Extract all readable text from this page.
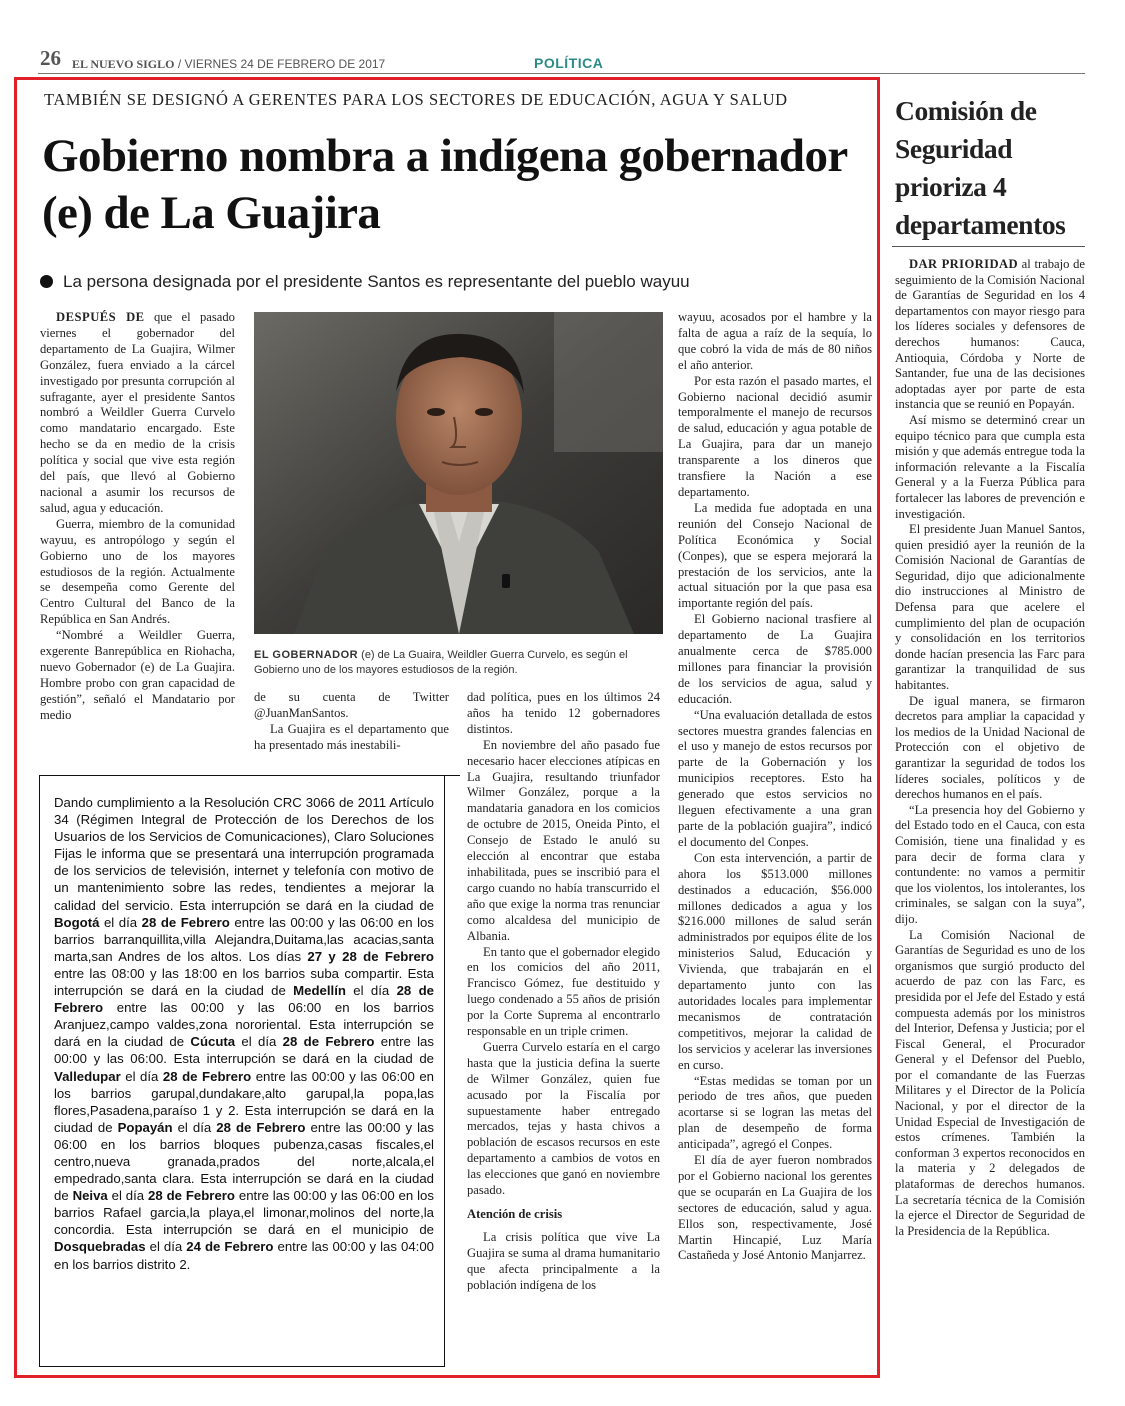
26 EL NUEVO SIGLO / VIERNES 24 DE FEBRERO DE 2017	POLÍTICA
TAMBIÉN SE DESIGNÓ A GERENTES PARA LOS SECTORES DE EDUCACIÓN, AGUA Y SALUD
Gobierno nombra a indígena gobernador (e) de La Guajira
La persona designada por el presidente Santos es representante del pueblo wayuu

DESPUÉS DE que el pasado viernes el gobernador del departamento de La Guajira, Wilmer González, fuera enviado a la cárcel investigado por presunta corrupción al sufragante, ayer el presidente Santos nombró a Weildler Guerra Curvelo como mandatario encargado. Este hecho se da en medio de la crisis política y social que vive esta región del país, que llevó al Gobierno nacional a asumir los recursos de salud, agua y educación.

Guerra, miembro de la comunidad wayuu, es antropólogo y según el Gobierno uno de los mayores estudiosos de la región. Actualmente se desempeña como Gerente del Centro Cultural del Banco de la República en San Andrés.

“Nombré a Weildler Guerra, exgerente Banrepública en Riohacha, nuevo Gobernador (e) de La Guajira. Hombre probo con gran capacidad de gestión”, señaló el Mandatario por medio

EL GOBERNADOR (e) de La Guaira, Weildler Guerra Curvelo, es según el Gobierno uno de los mayores estudiosos de la región.

de su cuenta de Twitter @JuanManSantos.

La Guajira es el departamento que ha presentado más inestabili-

dad política, pues en los últimos 24 años ha tenido 12 gobernadores distintos.

En noviembre del año pasado fue necesario hacer elecciones atípicas en La Guajira, resultando triunfador Wilmer González, porque a la mandataria ganadora en los comicios de octubre de 2015, Oneida Pinto, el Consejo de Estado le anuló su elección al encontrar que estaba inhabilitada, pues se inscribió para el cargo cuando no había transcurrido el año que exige la norma tras renunciar como alcaldesa del municipio de Albania.

En tanto que el gobernador elegido en los comicios del año 2011, Francisco Gómez, fue destituido y luego condenado a 55 años de prisión por la Corte Suprema al encontrarlo responsable en un triple crimen.

Guerra Curvelo estaría en el cargo hasta que la justicia defina la suerte de Wilmer González, quien fue acusado por la Fiscalía por supuestamente haber entregado mercados, tejas y hasta chivos a población de escasos recursos en este departamento a cambios de votos en las elecciones que ganó en noviembre pasado.

Atención de crisis

La crisis política que vive La Guajira se suma al drama humanitario que afecta principalmente a la población indígena de los

wayuu, acosados por el hambre y la falta de agua a raíz de la sequía, lo que cobró la vida de más de 80 niños el año anterior.

Por esta razón el pasado martes, el Gobierno nacional decidió asumir temporalmente el manejo de recursos de salud, educación y agua potable de La Guajira, para dar un manejo transparente a los dineros que transfiere la Nación a ese departamento.

La medida fue adoptada en una reunión del Consejo Nacional de Política Económica y Social (Conpes), que se espera mejorará la prestación de los servicios, ante la actual situación por la que pasa esa importante región del país.

El Gobierno nacional trasfiere al departamento de La Guajira anualmente cerca de $785.000 millones para financiar la provisión de los servicios de agua, salud y educación.

“Una evaluación detallada de estos sectores muestra grandes falencias en el uso y manejo de estos recursos por parte de la Gobernación y los municipios receptores. Esto ha generado que estos servicios no lleguen efectivamente a una gran parte de la población guajira”, indicó el documento del Conpes.

Con esta intervención, a partir de ahora los $513.000 millones destinados a educación, $56.000 millones dedicados a agua y los $216.000 millones de salud serán administrados por equipos élite de los ministerios Salud, Educación y Vivienda, que trabajarán en el departamento junto con las autoridades locales para implementar mecanismos de contratación competitivos, mejorar la calidad de los servicios y acelerar las inversiones en curso.

“Estas medidas se toman por un periodo de tres años, que pueden acortarse si se logran las metas del plan de desempeño de forma anticipada”, agregó el Conpes.

El día de ayer fueron nombrados por el Gobierno nacional los gerentes que se ocuparán en La Guajira de los sectores de educación, salud y agua. Ellos son, respectivamente, José Martin Hincapié, Luz María Castañeda y José Antonio Manjarrez.

Dando cumplimiento a la Resolución CRC 3066 de 2011 Artículo 34 (Régimen Integral de Protección de los Derechos de los Usuarios de los Servicios de Comunicaciones), Claro Soluciones Fijas le informa que se presentará una interrupción programada de los servicios de televisión, internet y telefonía con motivo de un mantenimiento sobre las redes, tendientes a mejorar la calidad del servicio. Esta interrupción se dará en la ciudad de Bogotá el día 28 de Febrero entre las 00:00 y las 06:00 en los barrios barranquillita,villa Alejandra,Duitama,las acacias,santa marta,san Andres de los altos. Los días 27 y 28 de Febrero entre las 08:00 y las 18:00 en los barrios suba compartir. Esta interrupción se dará en la ciudad de Medellín el día 28 de Febrero entre las 00:00 y las 06:00 en los barrios Aranjuez,campo valdes,zona nororiental. Esta interrupción se dará en la ciudad de Cúcuta el día 28 de Febrero entre las 00:00 y las 06:00. Esta interrupción se dará en la ciudad de Valledupar el día 28 de Febrero entre las 00:00 y las 06:00 en los barrios garupal,dundakare,alto garupal,la popa,las flores,Pasadena,paraíso 1 y 2. Esta interrupción se dará en la ciudad de Popayán el día 28 de Febrero entre las 00:00 y las 06:00 en los barrios bloques pubenza,casas fiscales,el centro,nueva granada,prados del norte,alcala,el empedrado,santa clara. Esta interrupción se dará en la ciudad de Neiva el día 28 de Febrero entre las 00:00 y las 06:00 en los barrios Rafael garcia,la playa,el limonar,molinos del norte,la concordia. Esta interrupción se dará en el municipio de Dosquebradas el día 24 de Febrero entre las 00:00 y las 04:00 en los barrios distrito 2.
Comisión de Seguridad prioriza 4 departamentos

DAR PRIORIDAD al trabajo de seguimiento de la Comisión Nacional de Garantías de Seguridad en los 4 departamentos con mayor riesgo para los líderes sociales y defensores de derechos humanos: Cauca, Antioquia, Córdoba y Norte de Santander, fue una de las decisiones adoptadas ayer por parte de esta instancia que se reunió en Popayán.

Así mismo se determinó crear un equipo técnico para que cumpla esta misión y que además entregue toda la información relevante a la Fiscalía General y a la Fuerza Pública para fortalecer las labores de prevención e investigación.

El presidente Juan Manuel Santos, quien presidió ayer la reunión de la Comisión Nacional de Garantías de Seguridad, dijo que adicionalmente dio instrucciones al Ministro de Defensa para que acelere el cumplimiento del plan de ocupación y consolidación en los territorios donde hacían presencia las Farc para garantizar la tranquilidad de sus habitantes.

De igual manera, se firmaron decretos para ampliar la capacidad y los medios de la Unidad Nacional de Protección con el objetivo de garantizar la seguridad de todos los líderes sociales, políticos y de derechos humanos en el país.

“La presencia hoy del Gobierno y del Estado todo en el Cauca, con esta Comisión, tiene una finalidad y es para decir de forma clara y contundente: no vamos a permitir que los violentos, los intolerantes, los criminales, se salgan con la suya”, dijo.

La Comisión Nacional de Garantías de Seguridad es uno de los organismos que surgió producto del acuerdo de paz con las Farc, es presidida por el Jefe del Estado y está compuesta además por los ministros del Interior, Defensa y Justicia; por el Fiscal General, el Procurador General y el Defensor del Pueblo, por el comandante de las Fuerzas Militares y el Director de la Policía Nacional, y por el director de la Unidad Especial de Investigación de estos crímenes. También la conforman 3 expertos reconocidos en la materia y 2 delegados de plataformas de derechos humanos. La secretaría técnica de la Comisión la ejerce el Director de Seguridad de la Presidencia de la República.
